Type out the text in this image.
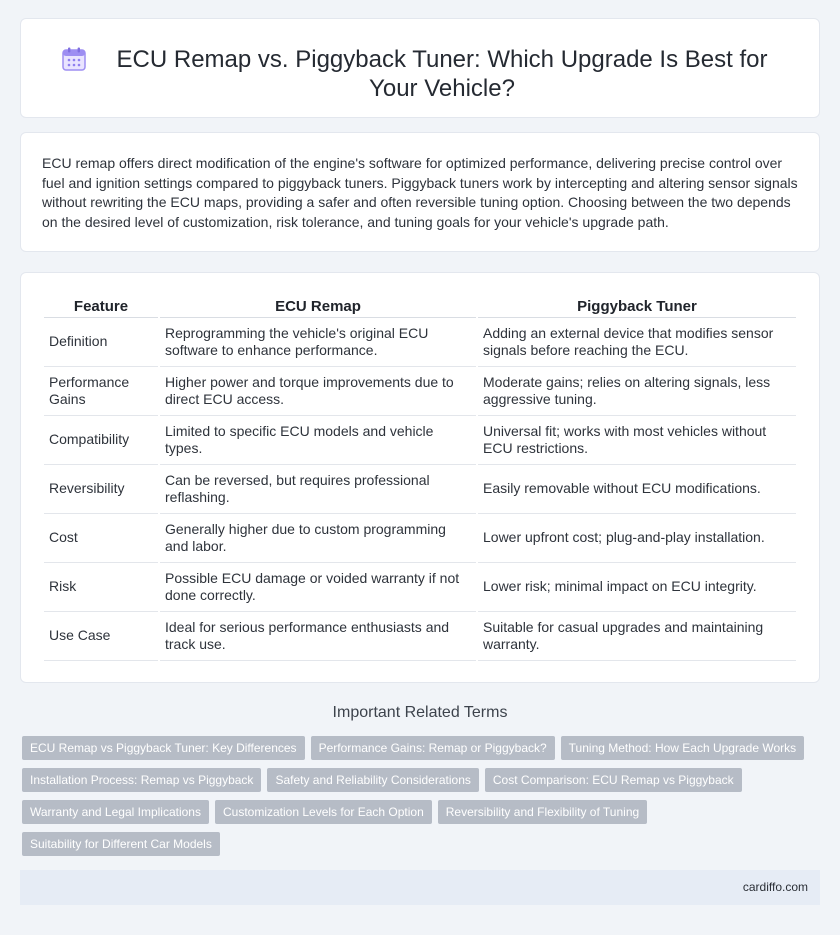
ECU Remap vs. Piggyback Tuner: Which Upgrade Is Best for Your Vehicle?

ECU remap offers direct modification of the engine's software for optimized performance, delivering precise control over fuel and ignition settings compared to piggyback tuners. Piggyback tuners work by intercepting and altering sensor signals without rewriting the ECU maps, providing a safer and often reversible tuning option. Choosing between the two depends on the desired level of customization, risk tolerance, and tuning goals for your vehicle's upgrade path.

Feature	ECU Remap	Piggyback Tuner
Definition	Reprogramming the vehicle's original ECU software to enhance performance.	Adding an external device that modifies sensor signals before reaching the ECU.
Performance Gains	Higher power and torque improvements due to direct ECU access.	Moderate gains; relies on altering signals, less aggressive tuning.
Compatibility	Limited to specific ECU models and vehicle types.	Universal fit; works with most vehicles without ECU restrictions.
Reversibility	Can be reversed, but requires professional reflashing.	Easily removable without ECU modifications.
Cost	Generally higher due to custom programming and labor.	Lower upfront cost; plug-and-play installation.
Risk	Possible ECU damage or voided warranty if not done correctly.	Lower risk; minimal impact on ECU integrity.
Use Case	Ideal for serious performance enthusiasts and track use.	Suitable for casual upgrades and maintaining warranty.
Important Related Terms
ECU Remap vs Piggyback Tuner: Key Differences	Performance Gains: Remap or Piggyback?	Tuning Method: How Each Upgrade Works
Installation Process: Remap vs Piggyback	Safety and Reliability Considerations	Cost Comparison: ECU Remap vs Piggyback
Warranty and Legal Implications	Customization Levels for Each Option	Reversibility and Flexibility of Tuning
Suitability for Different Car Models
cardiffo.com
